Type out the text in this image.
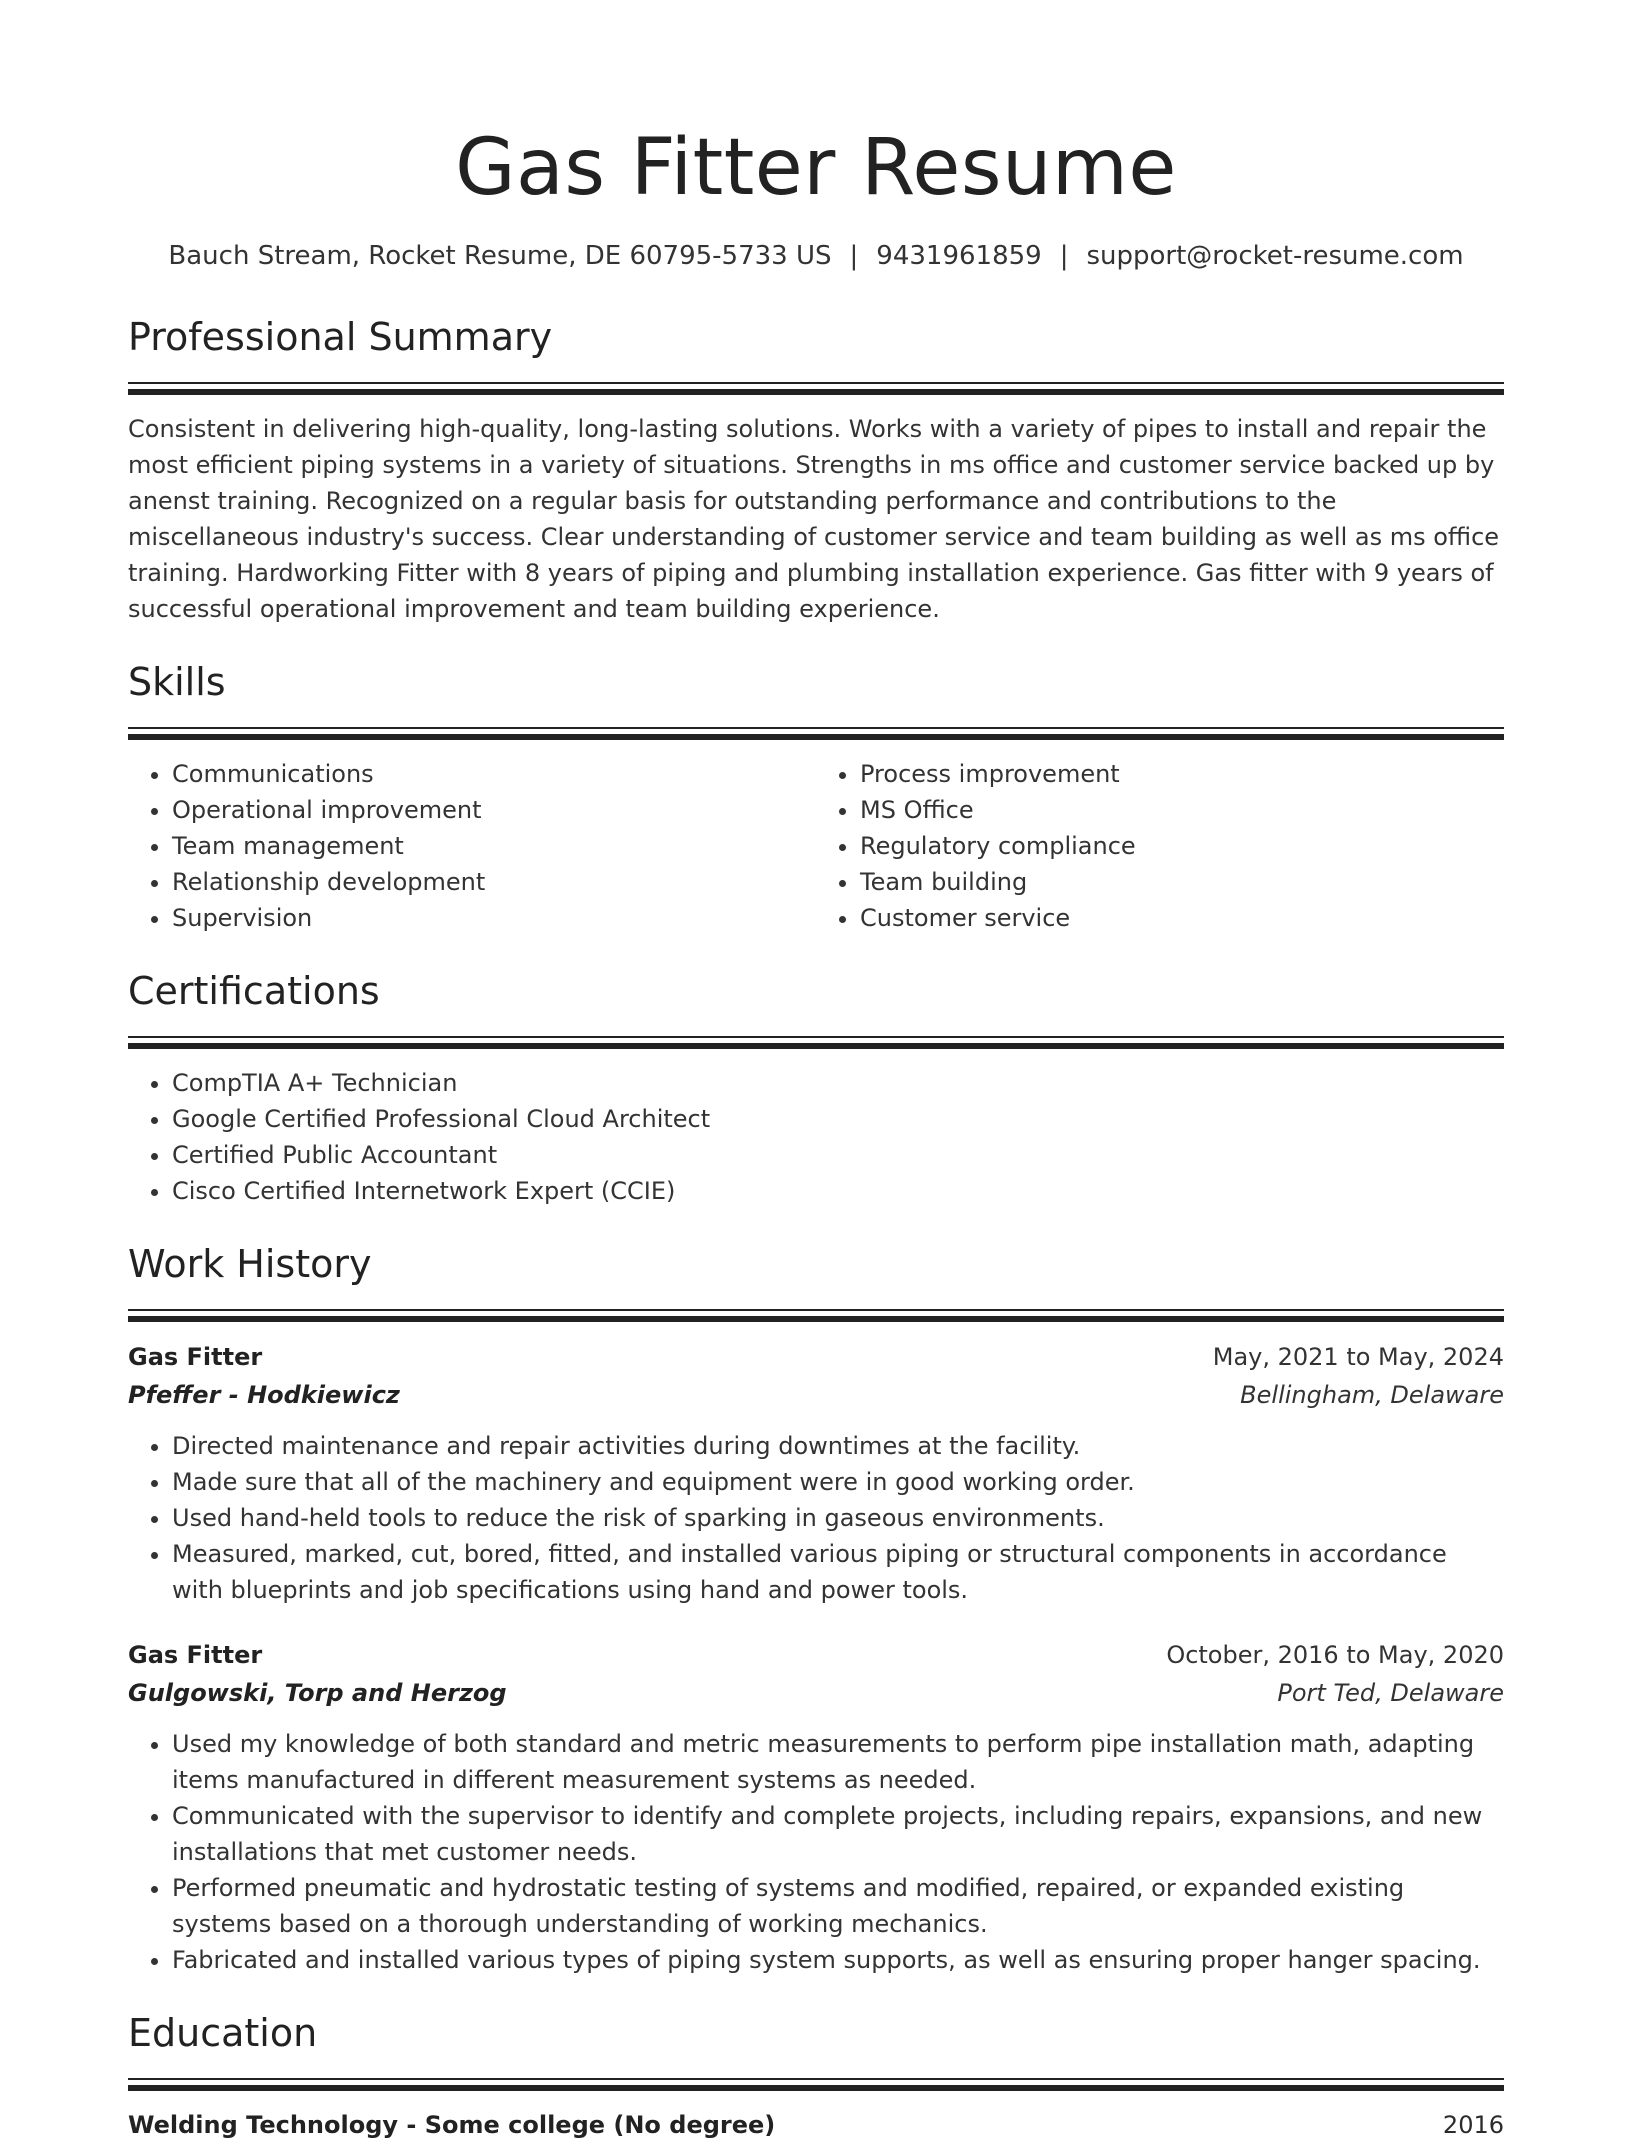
Gas Fitter Resume
Bauch Stream, Rocket Resume, DE 60795-5733 US | 9431961859 | support@rocket-resume.com
Professional Summary

Consistent in delivering high-quality, long-lasting solutions. Works with a variety of pipes to install and repair the most efficient piping systems in a variety of situations. Strengths in ms office and customer service backed up by anenst training. Recognized on a regular basis for outstanding performance and contributions to the miscellaneous industry's success. Clear understanding of customer service and team building as well as ms office training. Hardworking Fitter with 8 years of piping and plumbing installation experience. Gas fitter with 9 years of successful operational improvement and team building experience.

Skills
• Communications
• Operational improvement
• Team management
• Relationship development
• Supervision
• Process improvement
• MS Office
• Regulatory compliance
• Team building
• Customer service
Certifications
• CompTIA A+ Technician
• Google Certified Professional Cloud Architect
• Certified Public Accountant
• Cisco Certified Internetwork Expert (CCIE)
Work History
Gas Fitter	May, 2021 to May, 2024
Pfeffer - Hodkiewicz	Bellingham, Delaware
• Directed maintenance and repair activities during downtimes at the facility.
• Made sure that all of the machinery and equipment were in good working order.
• Used hand-held tools to reduce the risk of sparking in gaseous environments.
• Measured, marked, cut, bored, fitted, and installed various piping or structural components in accordance with blueprints and job specifications using hand and power tools.
Gas Fitter	October, 2016 to May, 2020
Gulgowski, Torp and Herzog	Port Ted, Delaware
• Used my knowledge of both standard and metric measurements to perform pipe installation math, adapting items manufactured in different measurement systems as needed.
• Communicated with the supervisor to identify and complete projects, including repairs, expansions, and new installations that met customer needs.
• Performed pneumatic and hydrostatic testing of systems and modified, repaired, or expanded existing systems based on a thorough understanding of working mechanics.
• Fabricated and installed various types of piping system supports, as well as ensuring proper hanger spacing.
Education
Welding Technology - Some college (No degree)	2016
